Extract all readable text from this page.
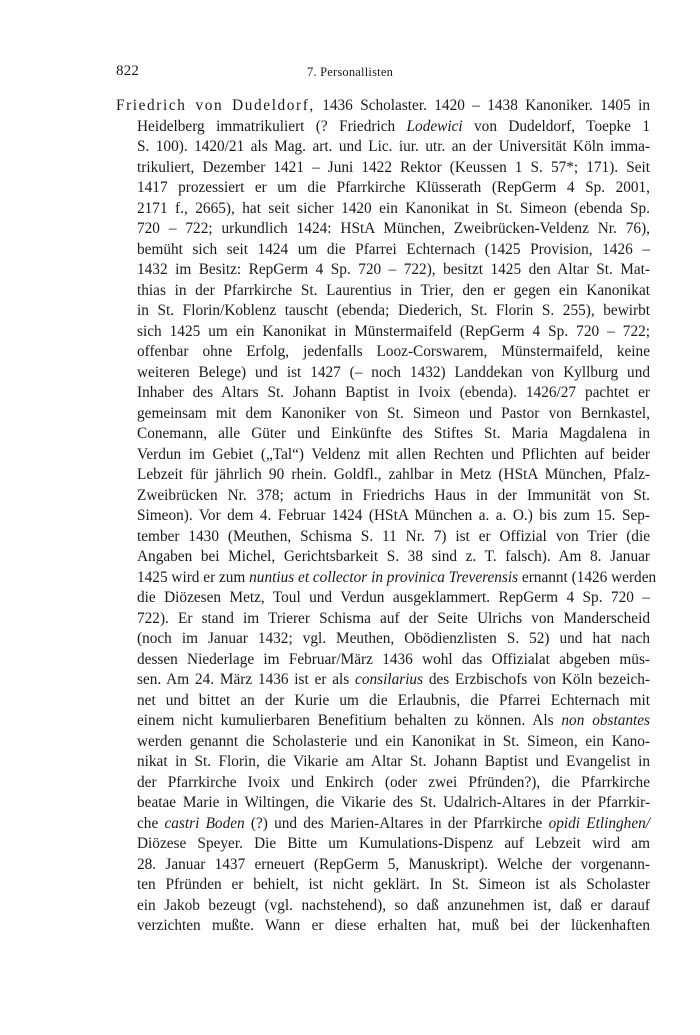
822	7. Personallisten
Friedrich von Dudeldorf, 1436 Scholaster. 1420 – 1438 Kanoniker. 1405 in
Heidelberg immatrikuliert (? Friedrich Lodewici von Dudeldorf, Toepke 1
S. 100). 1420/21 als Mag. art. und Lic. iur. utr. an der Universität Köln imma-
trikuliert, Dezember 1421 – Juni 1422 Rektor (Keussen 1 S. 57*; 171). Seit
1417 prozessiert er um die Pfarrkirche Klüsserath (RepGerm 4 Sp. 2001,
2171 f., 2665), hat seit sicher 1420 ein Kanonikat in St. Simeon (ebenda Sp.
720 – 722; urkundlich 1424: HStA München, Zweibrücken-Veldenz Nr. 76),
bemüht sich seit 1424 um die Pfarrei Echternach (1425 Provision, 1426 –
1432 im Besitz: RepGerm 4 Sp. 720 – 722), besitzt 1425 den Altar St. Mat-
thias in der Pfarrkirche St. Laurentius in Trier, den er gegen ein Kanonikat
in St. Florin/Koblenz tauscht (ebenda; Diederich, St. Florin S. 255), bewirbt
sich 1425 um ein Kanonikat in Münstermaifeld (RepGerm 4 Sp. 720 – 722;
offenbar ohne Erfolg, jedenfalls Looz-Corswarem, Münstermaifeld, keine
weiteren Belege) und ist 1427 (– noch 1432) Landdekan von Kyllburg und
Inhaber des Altars St. Johann Baptist in Ivoix (ebenda). 1426/27 pachtet er
gemeinsam mit dem Kanoniker von St. Simeon und Pastor von Bernkastel,
Conemann, alle Güter und Einkünfte des Stiftes St. Maria Magdalena in
Verdun im Gebiet („Tal“) Veldenz mit allen Rechten und Pflichten auf beider
Lebzeit für jährlich 90 rhein. Goldfl., zahlbar in Metz (HStA München, Pfalz-
Zweibrücken Nr. 378; actum in Friedrichs Haus in der Immunität von St.
Simeon). Vor dem 4. Februar 1424 (HStA München a. a. O.) bis zum 15. Sep-
tember 1430 (Meuthen, Schisma S. 11 Nr. 7) ist er Offizial von Trier (die
Angaben bei Michel, Gerichtsbarkeit S. 38 sind z. T. falsch). Am 8. Januar
1425 wird er zum nuntius et collector in provinica Treverensis ernannt (1426 werden
die Diözesen Metz, Toul und Verdun ausgeklammert. RepGerm 4 Sp. 720 –
722). Er stand im Trierer Schisma auf der Seite Ulrichs von Manderscheid
(noch im Januar 1432; vgl. Meuthen, Obödienzlisten S. 52) und hat nach
dessen Niederlage im Februar/März 1436 wohl das Offizialat abgeben müs-
sen. Am 24. März 1436 ist er als consilarius des Erzbischofs von Köln bezeich-
net und bittet an der Kurie um die Erlaubnis, die Pfarrei Echternach mit
einem nicht kumulierbaren Benefitium behalten zu können. Als non obstantes
werden genannt die Scholasterie und ein Kanonikat in St. Simeon, ein Kano-
nikat in St. Florin, die Vikarie am Altar St. Johann Baptist und Evangelist in
der Pfarrkirche Ivoix und Enkirch (oder zwei Pfründen?), die Pfarrkirche
beatae Marie in Wiltingen, die Vikarie des St. Udalrich-Altares in der Pfarrkir-
che castri Boden (?) und des Marien-Altares in der Pfarrkirche opidi Etlinghen/
Diözese Speyer. Die Bitte um Kumulations-Dispenz auf Lebzeit wird am
28. Januar 1437 erneuert (RepGerm 5, Manuskript). Welche der vorgenann-
ten Pfründen er behielt, ist nicht geklärt. In St. Simeon ist als Scholaster
ein Jakob bezeugt (vgl. nachstehend), so daß anzunehmen ist, daß er darauf
verzichten mußte. Wann er diese erhalten hat, muß bei der lückenhaften
